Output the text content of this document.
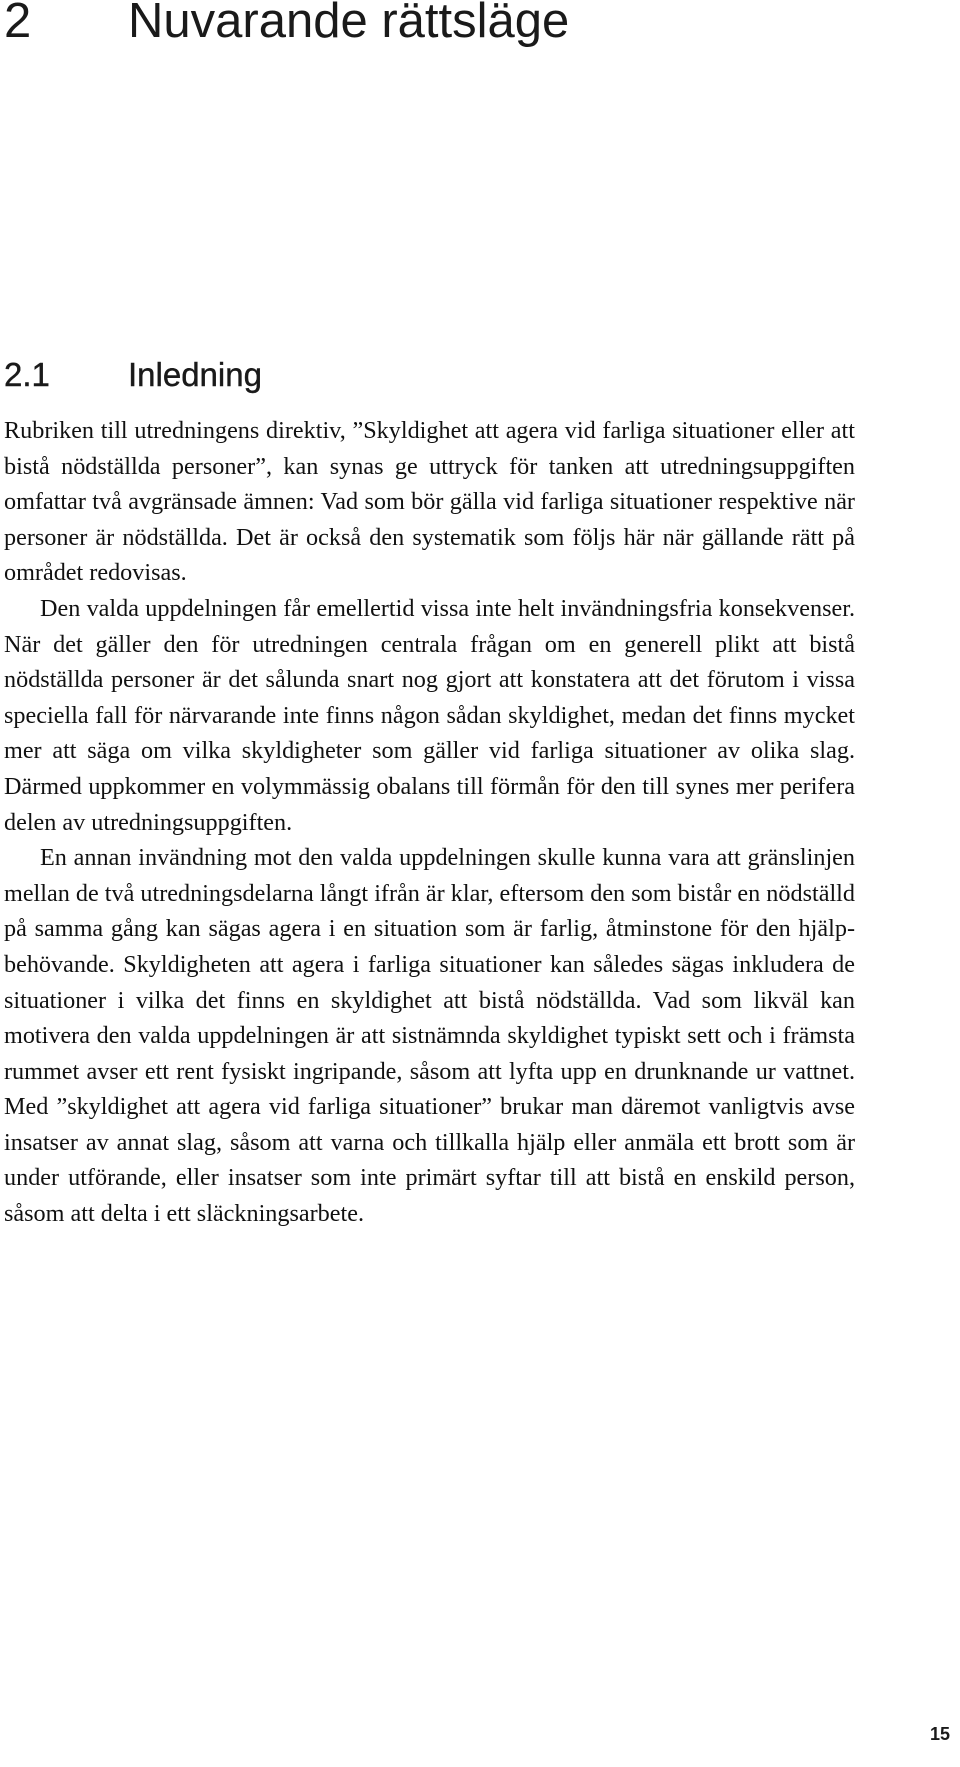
2 Nuvarande rättsläge
2.1 Inledning

Rubriken till utredningens direktiv, ”Skyldighet att agera vid farliga situationer eller att bistå nödställda personer”, kan synas ge uttryck för tanken att utredningsuppgiften omfattar två avgränsade ämnen: Vad som bör gälla vid farliga situationer respektive när personer är nödställda. Det är också den systematik som följs här när gällande rätt på området redovisas.

Den valda uppdelningen får emellertid vissa inte helt invändningsfria konsekvenser. När det gäller den för utredningen centrala frågan om en generell plikt att bistå nödställda personer är det sålunda snart nog gjort att konstatera att det förutom i vissa speciella fall för närvarande inte finns någon sådan skyldighet, medan det finns mycket mer att säga om vilka skyldigheter som gäller vid farliga situationer av olika slag. Därmed uppkommer en volymmässig obalans till förmån för den till synes mer perifera delen av utredningsuppgiften.

En annan invändning mot den valda uppdelningen skulle kunna vara att gränslinjen mellan de två utredningsdelarna långt ifrån är klar, eftersom den som bistår en nödställd på samma gång kan sägas agera i en situation som är farlig, åtminstone för den hjälpbehövande. Skyldigheten att agera i farliga situationer kan således sägas inkludera de situationer i vilka det finns en skyldighet att bistå nödställda. Vad som likväl kan motivera den valda uppdelningen är att sistnämnda skyldighet typiskt sett och i främsta rummet avser ett rent fysiskt ingripande, såsom att lyfta upp en drunknande ur vattnet. Med ”skyldighet att agera vid farliga situationer” brukar man däremot vanligtvis avse insatser av annat slag, såsom att varna och tillkalla hjälp eller anmäla ett brott som är under utförande, eller insatser som inte primärt syftar till att bistå en enskild person, såsom att delta i ett släckningsarbete.

15
